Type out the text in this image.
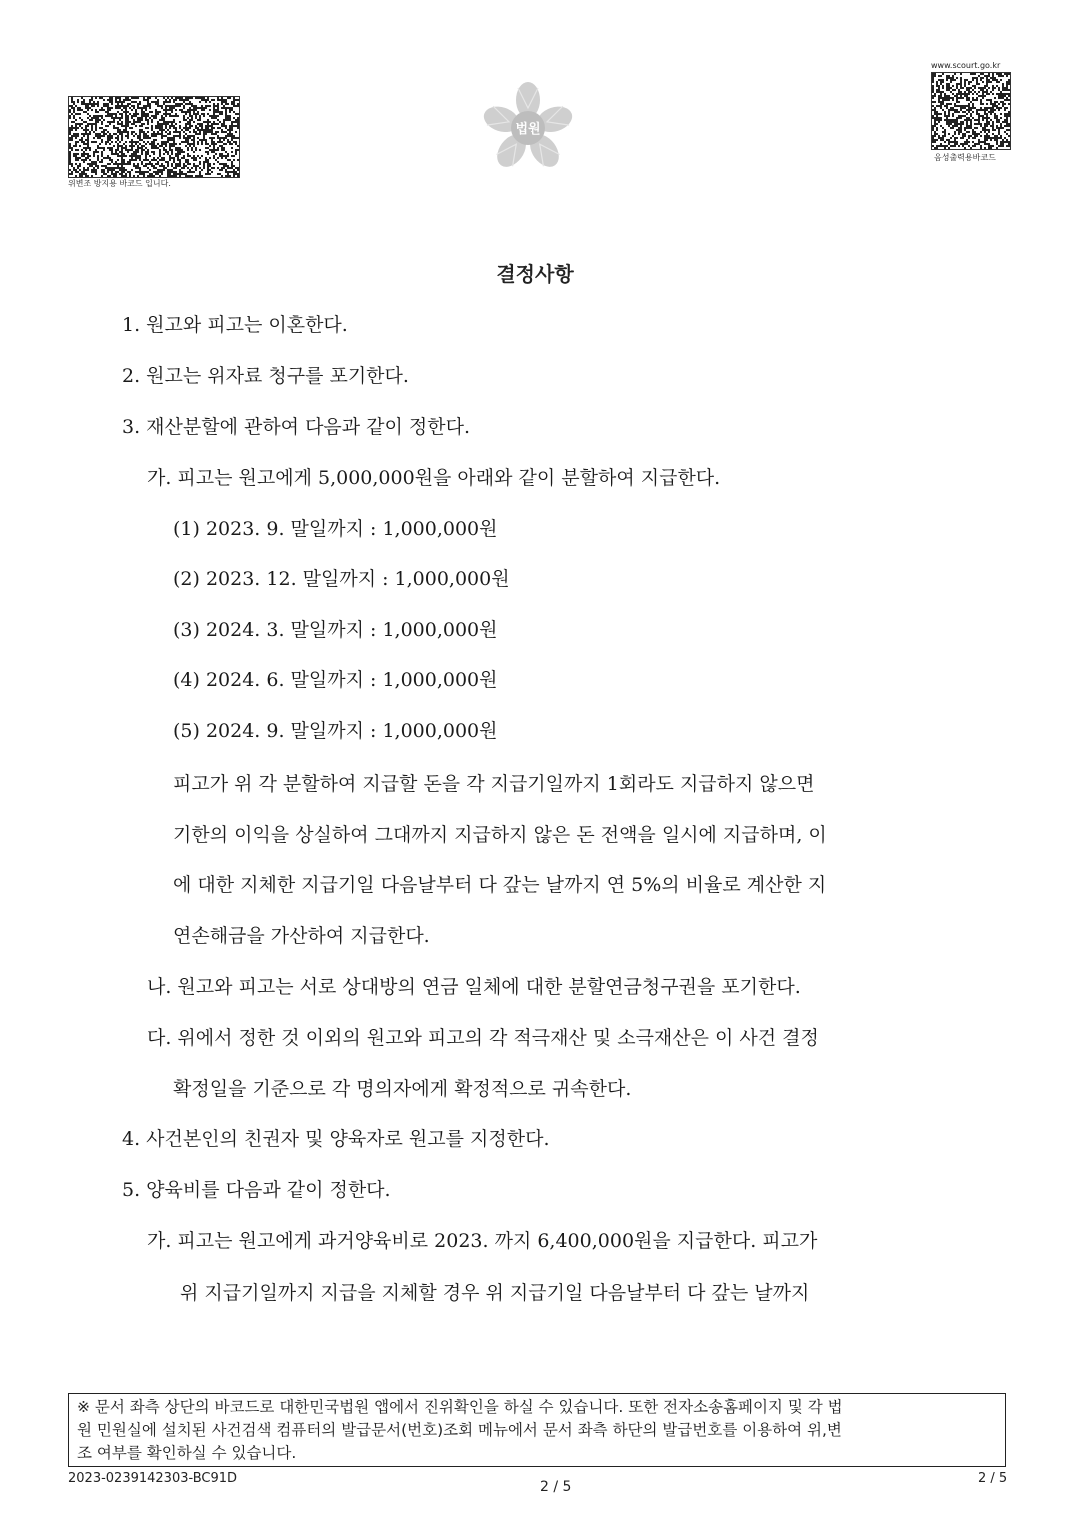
위변조 방지용 바코드 입니다.
법원
www.scourt.go.kr
음성출력용바코드
결정사항
1. 원고와 피고는 이혼한다.
2. 원고는 위자료 청구를 포기한다.
3. 재산분할에 관하여 다음과 같이 정한다.
가. 피고는 원고에게 5,000,000원을 아래와 같이 분할하여 지급한다.
(1) 2023. 9. 말일까지 : 1,000,000원
(2) 2023. 12. 말일까지 : 1,000,000원
(3) 2024. 3. 말일까지 : 1,000,000원
(4) 2024. 6. 말일까지 : 1,000,000원
(5) 2024. 9. 말일까지 : 1,000,000원
피고가 위 각 분할하여 지급할 돈을 각 지급기일까지 1회라도 지급하지 않으면
기한의 이익을 상실하여 그대까지 지급하지 않은 돈 전액을 일시에 지급하며, 이
에 대한 지체한 지급기일 다음날부터 다 갚는 날까지 연 5%의 비율로 계산한 지
연손해금을 가산하여 지급한다.
나. 원고와 피고는 서로 상대방의 연금 일체에 대한 분할연금청구권을 포기한다.
다. 위에서 정한 것 이외의 원고와 피고의 각 적극재산 및 소극재산은 이 사건 결정
확정일을 기준으로 각 명의자에게 확정적으로 귀속한다.
4. 사건본인의 친권자 및 양육자로 원고를 지정한다.
5. 양육비를 다음과 같이 정한다.
가. 피고는 원고에게 과거양육비로 2023. 까지 6,400,000원을 지급한다. 피고가
위 지급기일까지 지급을 지체할 경우 위 지급기일 다음날부터 다 갚는 날까지
※ 문서 좌측 상단의 바코드로 대한민국법원 앱에서 진위확인을 하실 수 있습니다. 또한 전자소송홈페이지 및 각 법
원 민원실에 설치된 사건검색 컴퓨터의 발급문서(번호)조회 메뉴에서 문서 좌측 하단의 발급번호를 이용하여 위,변
조 여부를 확인하실 수 있습니다.
2023-0239142303-BC91D
2 / 5
2 / 5
